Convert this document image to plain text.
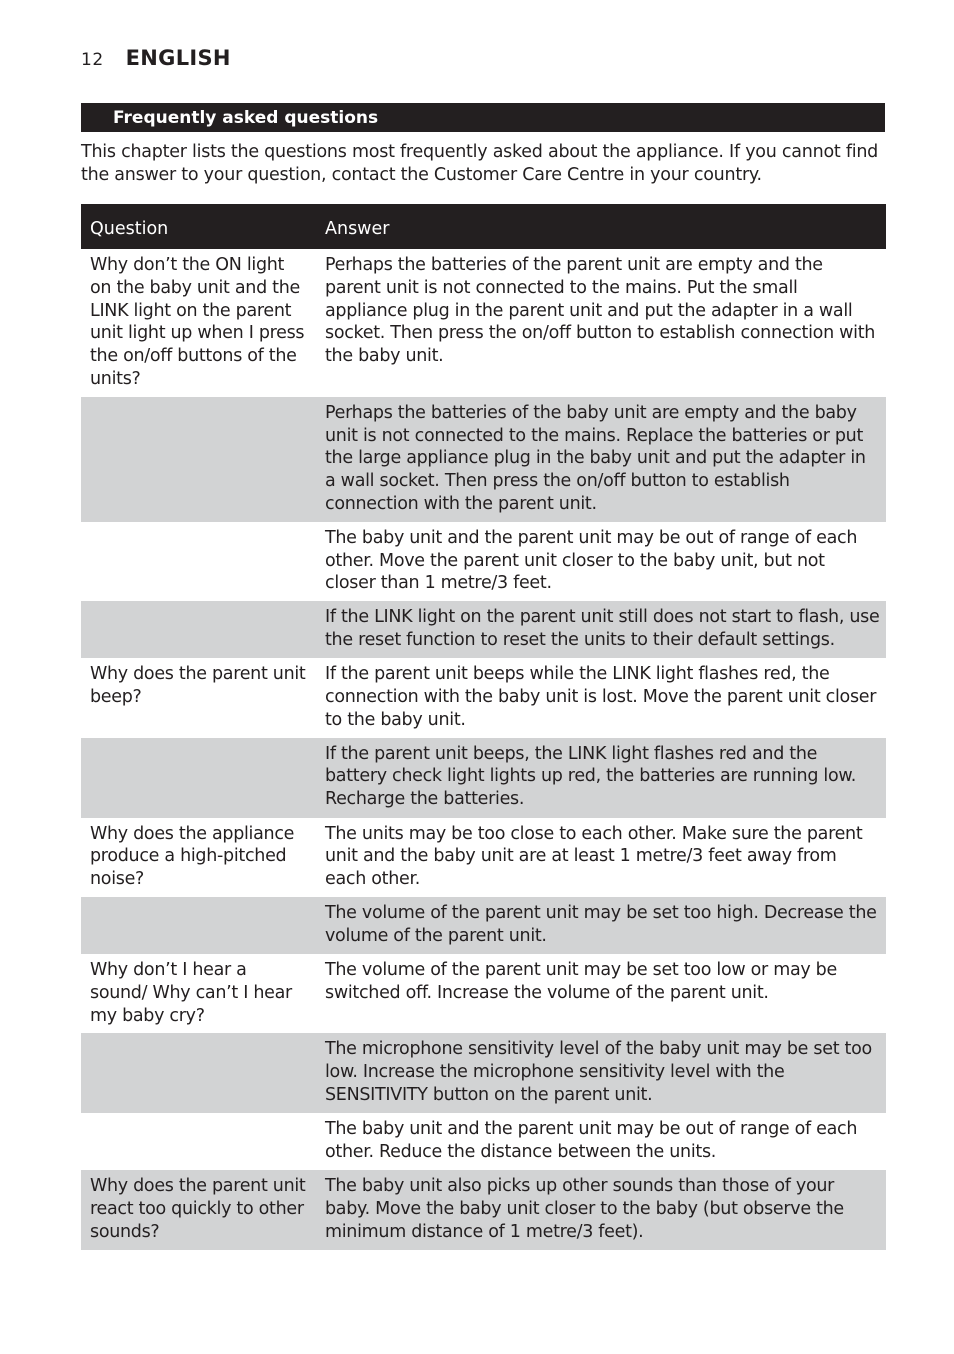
12 ENGLISH
Frequently asked questions

This chapter lists the questions most frequently asked about the appliance. If you cannot find the answer to your question, contact the Customer Care Centre in your country.

Question	Answer
Why don’t the ON light on the baby unit and the LINK light on the parent unit light up when I press the on/off buttons of the units?	Perhaps the batteries of the parent unit are empty and the parent unit is not connected to the mains. Put the small appliance plug in the parent unit and put the adapter in a wall socket. Then press the on/off button to establish connection with the baby unit.
	Perhaps the batteries of the baby unit are empty and the baby unit is not connected to the mains. Replace the batteries or put the large appliance plug in the baby unit and put the adapter in a wall socket. Then press the on/off button to establish connection with the parent unit.
	The baby unit and the parent unit may be out of range of each other. Move the parent unit closer to the baby unit, but not closer than 1 metre/3 feet.
	If the LINK light on the parent unit still does not start to flash, use the reset function to reset the units to their default settings.
Why does the parent unit beep?	If the parent unit beeps while the LINK light flashes red, the connection with the baby unit is lost. Move the parent unit closer to the baby unit.
	If the parent unit beeps, the LINK light flashes red and the battery check light lights up red, the batteries are running low. Recharge the batteries.
Why does the appliance produce a high-pitched noise?	The units may be too close to each other. Make sure the parent unit and the baby unit are at least 1 metre/3 feet away from each other.
	The volume of the parent unit may be set too high. Decrease the volume of the parent unit.
Why don’t I hear a sound/ Why can’t I hear my baby cry?	The volume of the parent unit may be set too low or may be switched off. Increase the volume of the parent unit.
	The microphone sensitivity level of the baby unit may be set too low. Increase the microphone sensitivity level with the SENSITIVITY button on the parent unit.
	The baby unit and the parent unit may be out of range of each other. Reduce the distance between the units.
Why does the parent unit react too quickly to other sounds?	The baby unit also picks up other sounds than those of your baby. Move the baby unit closer to the baby (but observe the minimum distance of 1 metre/3 feet).
